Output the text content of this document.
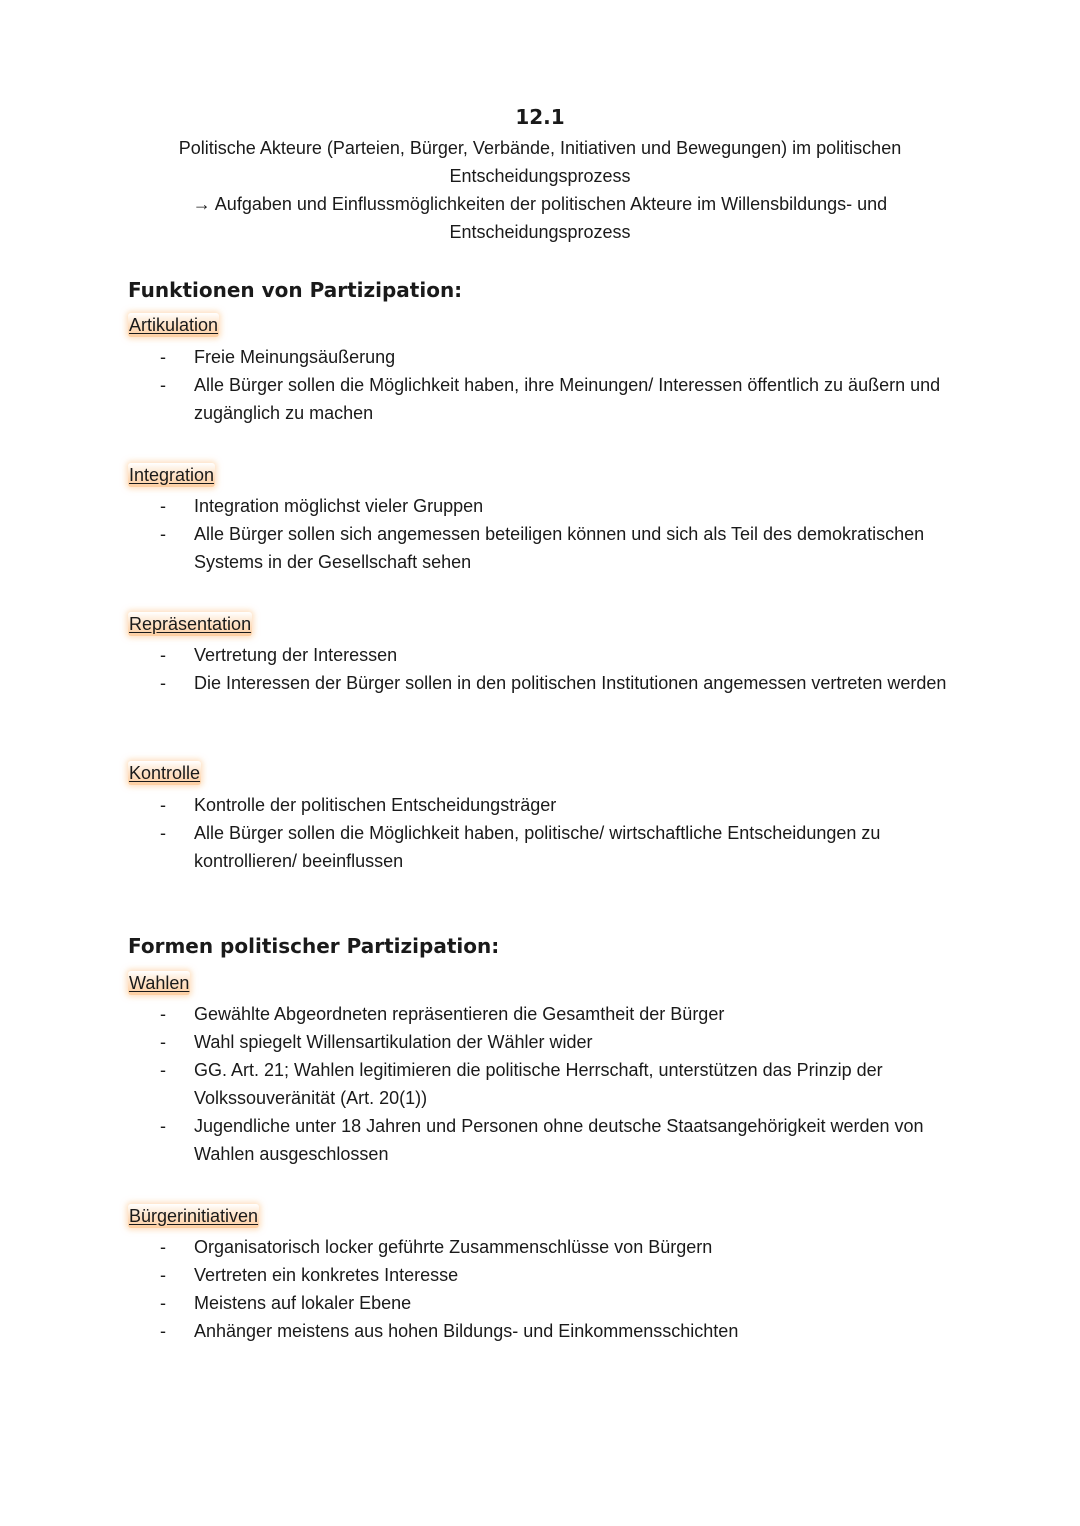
12.1

Politische Akteure (Parteien, Bürger, Verbände, Initiativen und Bewegungen) im politischen Entscheidungsprozess

→ Aufgaben und Einflussmöglichkeiten der politischen Akteure im Willensbildungs- und Entscheidungsprozess

Funktionen von Partizipation:
Artikulation
- Freie Meinungsäußerung
- Alle Bürger sollen die Möglichkeit haben, ihre Meinungen/ Interessen öffentlich zu äußern und zugänglich zu machen
Integration
- Integration möglichst vieler Gruppen
- Alle Bürger sollen sich angemessen beteiligen können und sich als Teil des demokratischen Systems in der Gesellschaft sehen
Repräsentation
- Vertretung der Interessen
- Die Interessen der Bürger sollen in den politischen Institutionen angemessen vertreten werden
Kontrolle
- Kontrolle der politischen Entscheidungsträger
- Alle Bürger sollen die Möglichkeit haben, politische/ wirtschaftliche Entscheidungen zu kontrollieren/ beeinflussen
Formen politischer Partizipation:
Wahlen
- Gewählte Abgeordneten repräsentieren die Gesamtheit der Bürger
- Wahl spiegelt Willensartikulation der Wähler wider
- GG. Art. 21; Wahlen legitimieren die politische Herrschaft, unterstützen das Prinzip der Volkssouveränität (Art. 20(1))
- Jugendliche unter 18 Jahren und Personen ohne deutsche Staatsangehörigkeit werden von Wahlen ausgeschlossen
Bürgerinitiativen
- Organisatorisch locker geführte Zusammenschlüsse von Bürgern
- Vertreten ein konkretes Interesse
- Meistens auf lokaler Ebene
- Anhänger meistens aus hohen Bildungs- und Einkommensschichten
